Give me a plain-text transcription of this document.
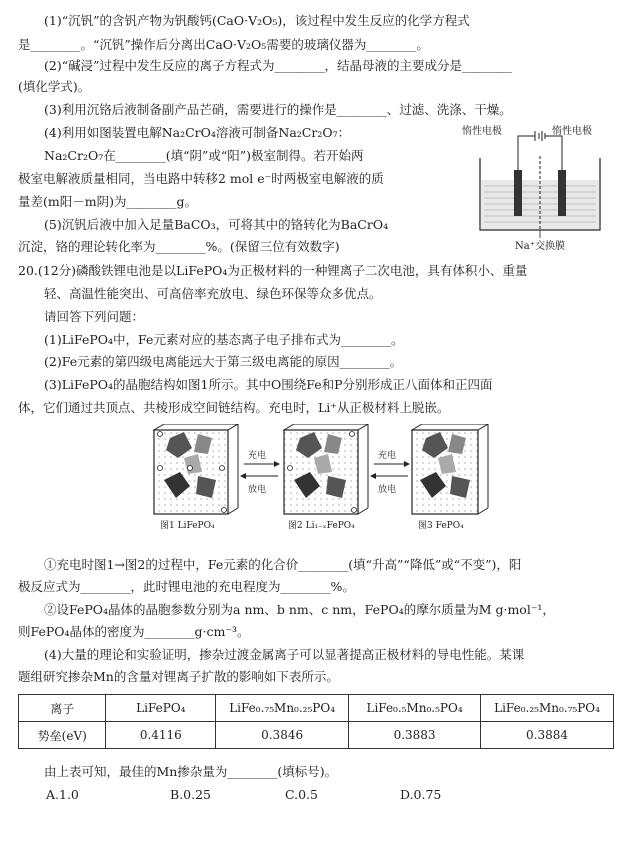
(1)“沉钒”的含钒产物为钒酸钙(CaO·V₂O₅)，该过程中发生反应的化学方程式
是________。“沉钒”操作后分离出CaO·V₂O₅需要的玻璃仪器为________。
(2)“碱浸”过程中发生反应的离子方程式为________，结晶母液的主要成分是________
(填化学式)。
(3)利用沉铬后液制备副产品芒硝，需要进行的操作是________、过滤、洗涤、干燥。
(4)利用如图装置电解Na₂CrO₄溶液可制备Na₂Cr₂O₇：
Na₂Cr₂O₇在________(填“阴”或“阳”)极室制得。若开始两
极室电解液质量相同，当电路中转移2 mol e⁻时两极室电解液的质
量差(m阳－m阴)为________g。
(5)沉钒后液中加入足量BaCO₃，可将其中的铬转化为BaCrO₄
沉淀，铬的理论转化率为________%。(保留三位有效数字)
惰性电极	惰性电极
Na⁺交换膜
20.(12分)磷酸铁锂电池是以LiFePO₄为正极材料的一种锂离子二次电池，具有体积小、重量
轻、高温性能突出、可高倍率充放电、绿色环保等众多优点。
请回答下列问题：
(1)LiFePO₄中，Fe元素对应的基态离子电子排布式为________。
(2)Fe元素的第四级电离能远大于第三级电离能的原因________。
(3)LiFePO₄的晶胞结构如图1所示。其中O围绕Fe和P分别形成正八面体和正四面
体，它们通过共顶点、共棱形成空间链结构。充电时，Li⁺从正极材料上脱嵌。
充电
放电
充电
放电
图1 LiFePO₄	图2 Li₁₋ₓFePO₄	图3 FePO₄
①充电时图1→图2的过程中，Fe元素的化合价________(填“升高”“降低”或“不变”)，阳
极反应式为________，此时锂电池的充电程度为________%。
②设FePO₄晶体的晶胞参数分别为a nm、b nm、c nm，FePO₄的摩尔质量为M g·mol⁻¹，
则FePO₄晶体的密度为________g·cm⁻³。
(4)大量的理论和实验证明，掺杂过渡金属离子可以显著提高正极材料的导电性能。某课
题组研究掺杂Mn的含量对锂离子扩散的影响如下表所示。
离子	LiFePO₄	LiFe₀.₇₅Mn₀.₂₅PO₄	LiFe₀.₅Mn₀.₅PO₄	LiFe₀.₂₅Mn₀.₇₅PO₄
势垒(eV)	0.4116	0.3846	0.3883	0.3884
由上表可知，最佳的Mn掺杂量为________(填标号)。
A.1.0	B.0.25	C.0.5	D.0.75
